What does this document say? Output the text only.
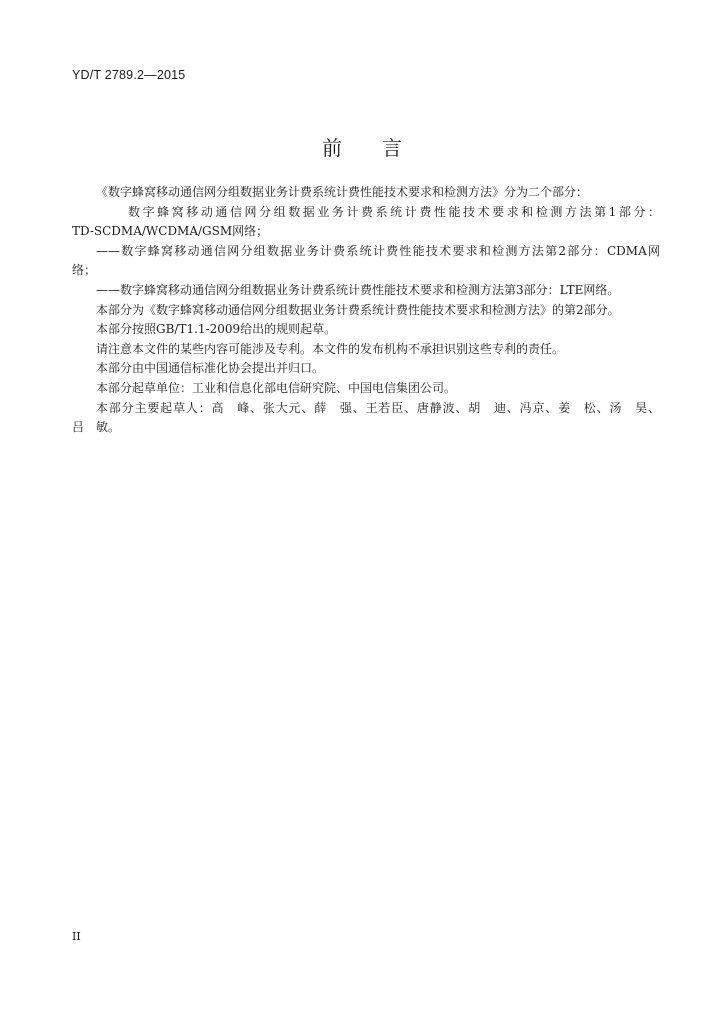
YD/T 2789.2—2015
前 言
《数字蜂窝移动通信网分组数据业务计费系统计费性能技术要求和检测方法》分为二个部分：
数字蜂窝移动通信网分组数据业务计费系统计费性能技术要求和检测方法第1部分：
TD-SCDMA/WCDMA/GSM网络；
——数字蜂窝移动通信网分组数据业务计费系统计费性能技术要求和检测方法第2部分：CDMA网
络；
——数字蜂窝移动通信网分组数据业务计费系统计费性能技术要求和检测方法第3部分：LTE网络。
本部分为《数字蜂窝移动通信网分组数据业务计费系统计费性能技术要求和检测方法》的第2部分。
本部分按照GB/T1.1-2009给出的规则起草。
请注意本文件的某些内容可能涉及专利。本文件的发布机构不承担识别这些专利的责任。
本部分由中国通信标准化协会提出并归口。
本部分起草单位：工业和信息化部电信研究院、中国电信集团公司。
本部分主要起草人：高　峰、张大元、薛　强、王若臣、唐静波、胡　迪、冯京、姜　松、汤　昊、
吕　敏。
II
